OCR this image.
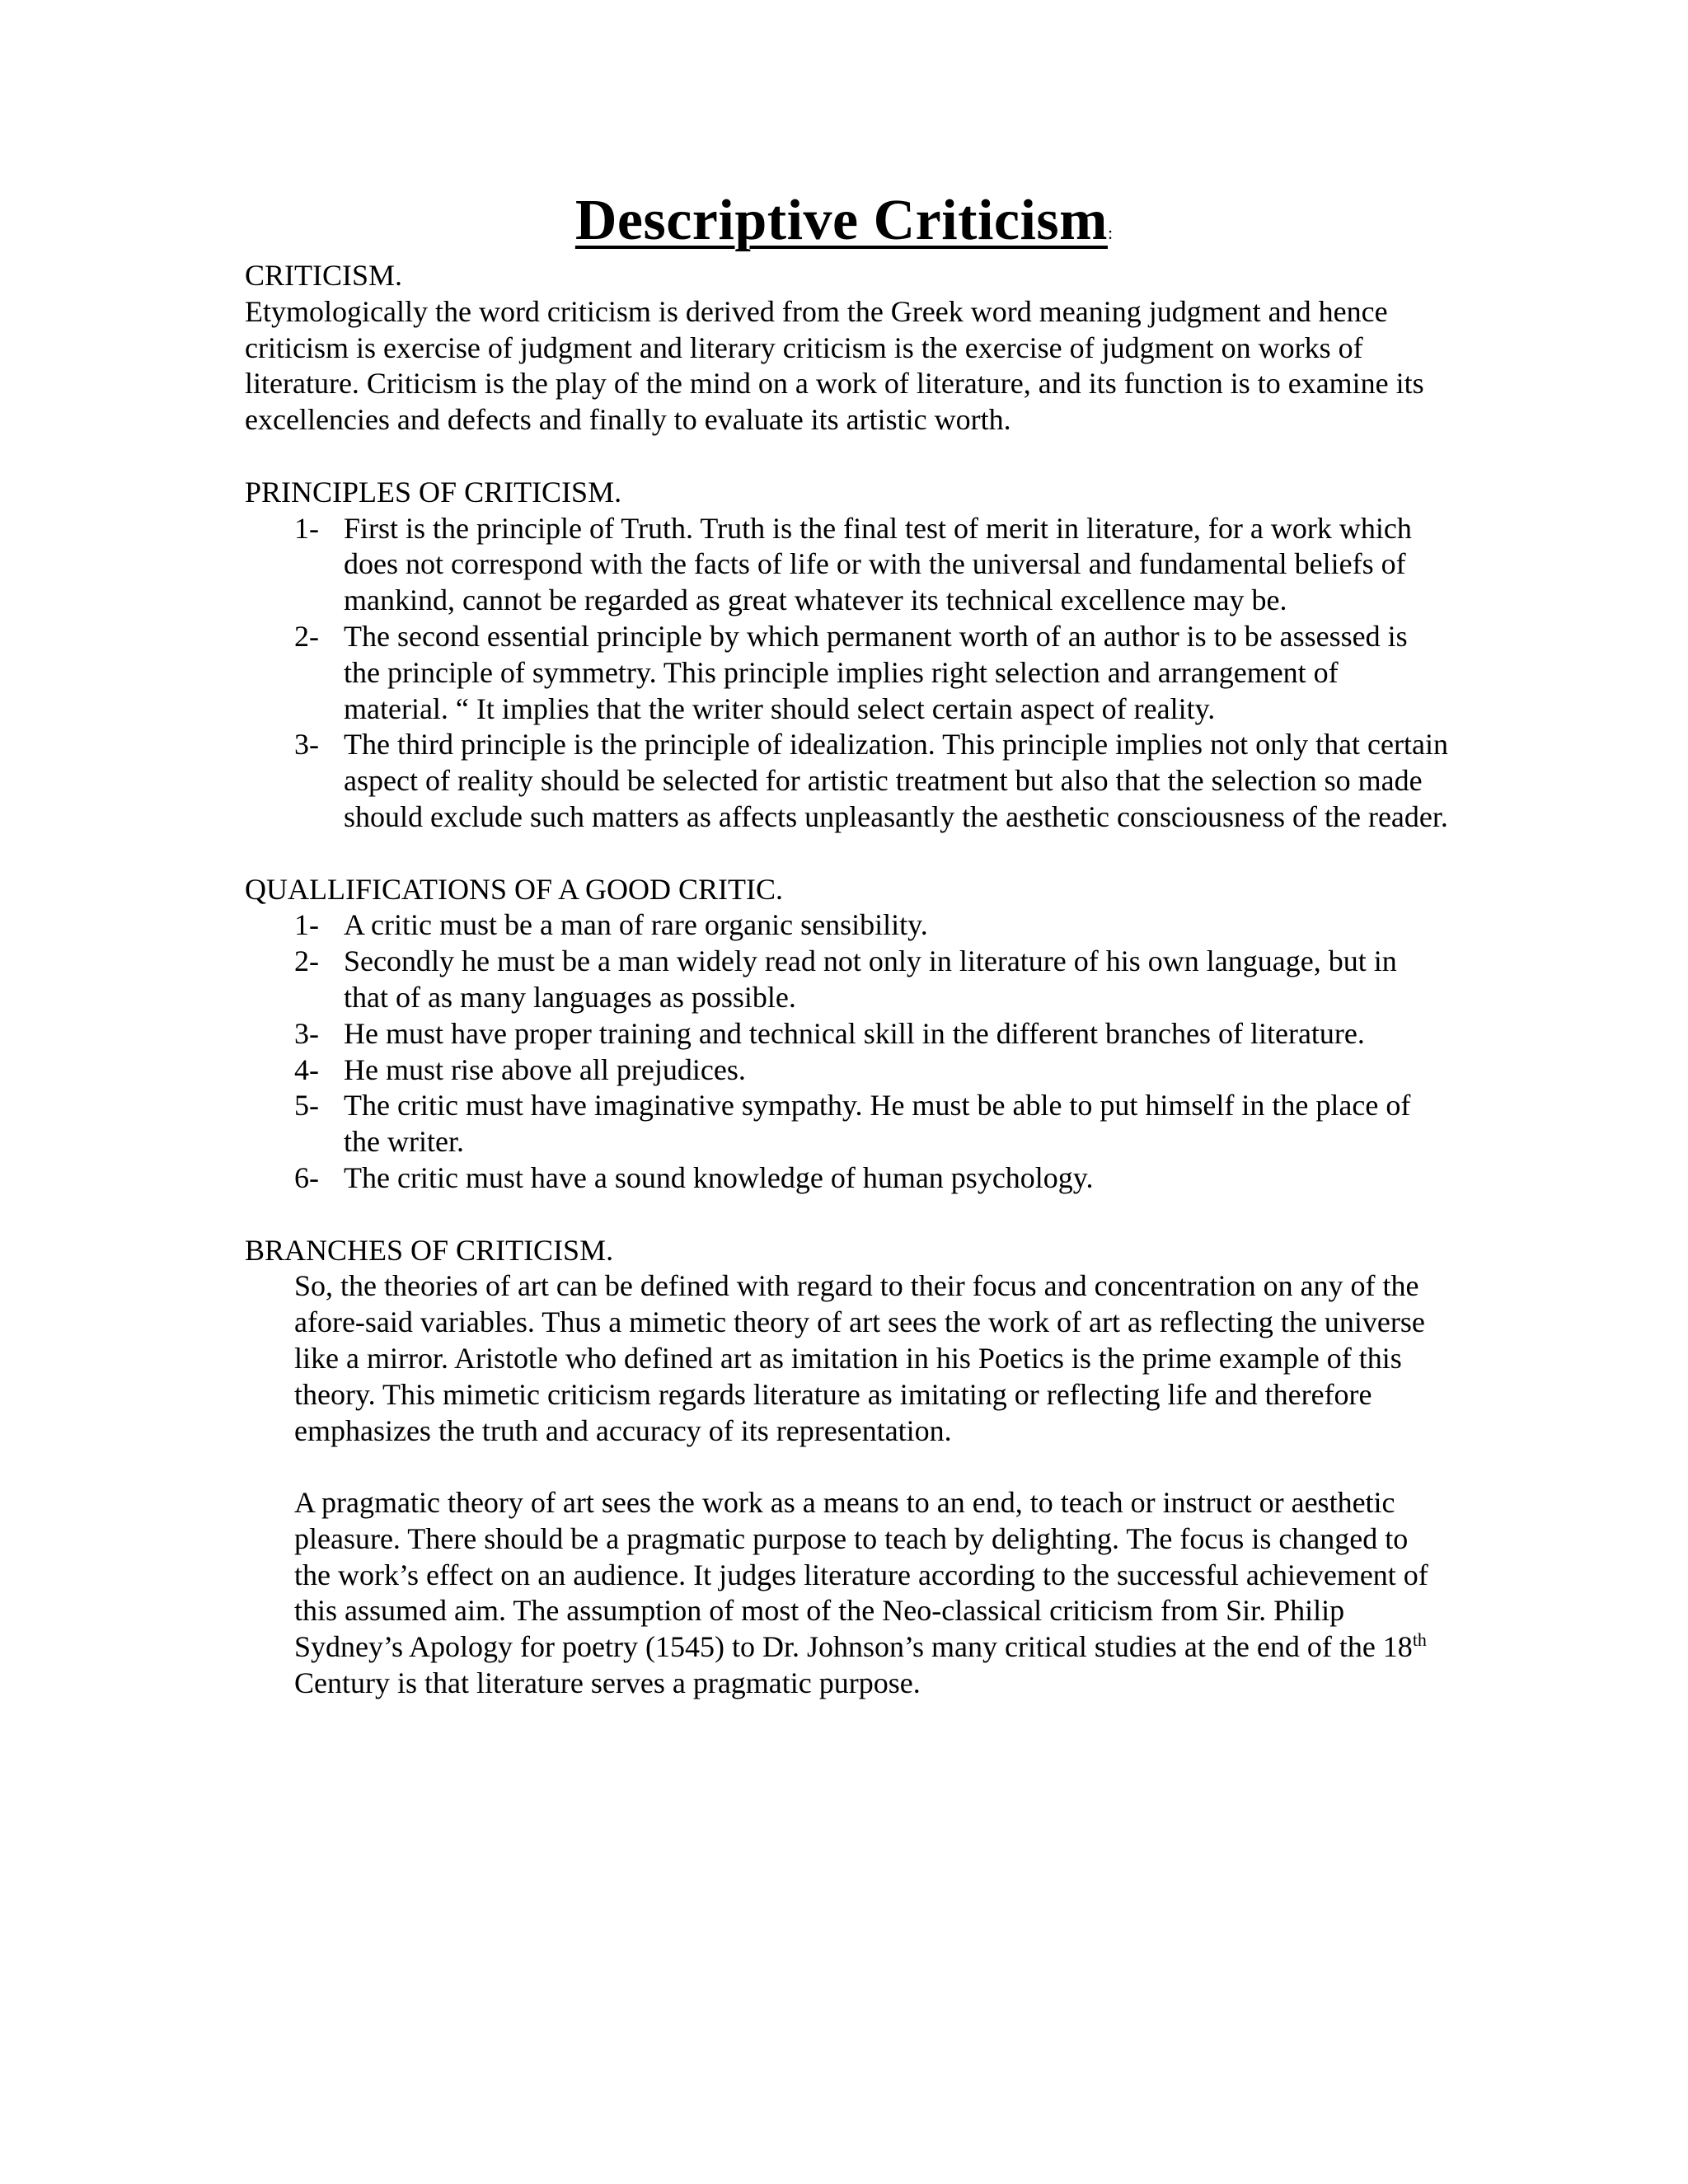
Descriptive Criticism:
CRITICISM.
Etymologically the word criticism is derived from the Greek word meaning judgment and hence criticism is exercise of judgment and literary criticism is the exercise of judgment on works of literature. Criticism is the play of the mind on a work of literature, and its function is to examine its excellencies and defects and finally to evaluate its artistic worth.
PRINCIPLES OF CRITICISM.
1- First is the principle of Truth. Truth is the final test of merit in literature, for a work which does not correspond with the facts of life or with the universal and fundamental beliefs of mankind, cannot be regarded as great whatever its technical excellence may be.
2- The second essential principle by which permanent worth of an author is to be assessed is the principle of symmetry. This principle implies right selection and arrangement of material. “ It implies that the writer should select certain aspect of reality.
3- The third principle is the principle of idealization. This principle implies not only that certain aspect of reality should be selected for artistic treatment but also that the selection so made should exclude such matters as affects unpleasantly the aesthetic consciousness of the reader.
QUALLIFICATIONS OF A GOOD CRITIC.
1- A critic must be a man of rare organic sensibility.
2- Secondly he must be a man widely read not only in literature of his own language, but in that of as many languages as possible.
3- He must have proper training and technical skill in the different branches of literature.
4- He must rise above all prejudices.
5- The critic must have imaginative sympathy. He must be able to put himself in the place of the writer.
6- The critic must have a sound knowledge of human psychology.
BRANCHES OF CRITICISM.
So, the theories of art can be defined with regard to their focus and concentration on any of the afore-said variables. Thus a mimetic theory of art sees the work of art as reflecting the universe like a mirror. Aristotle who defined art as imitation in his Poetics is the prime example of this theory. This mimetic criticism regards literature as imitating or reflecting life and therefore emphasizes the truth and accuracy of its representation.
A pragmatic theory of art sees the work as a means to an end, to teach or instruct or aesthetic pleasure. There should be a pragmatic purpose to teach by delighting. The focus is changed to the work’s effect on an audience. It judges literature according to the successful achievement of this assumed aim. The assumption of most of the Neo-classical criticism from Sir. Philip Sydney’s Apology for poetry (1545) to Dr. Johnson’s many critical studies at the end of the 18th Century is that literature serves a pragmatic purpose.
